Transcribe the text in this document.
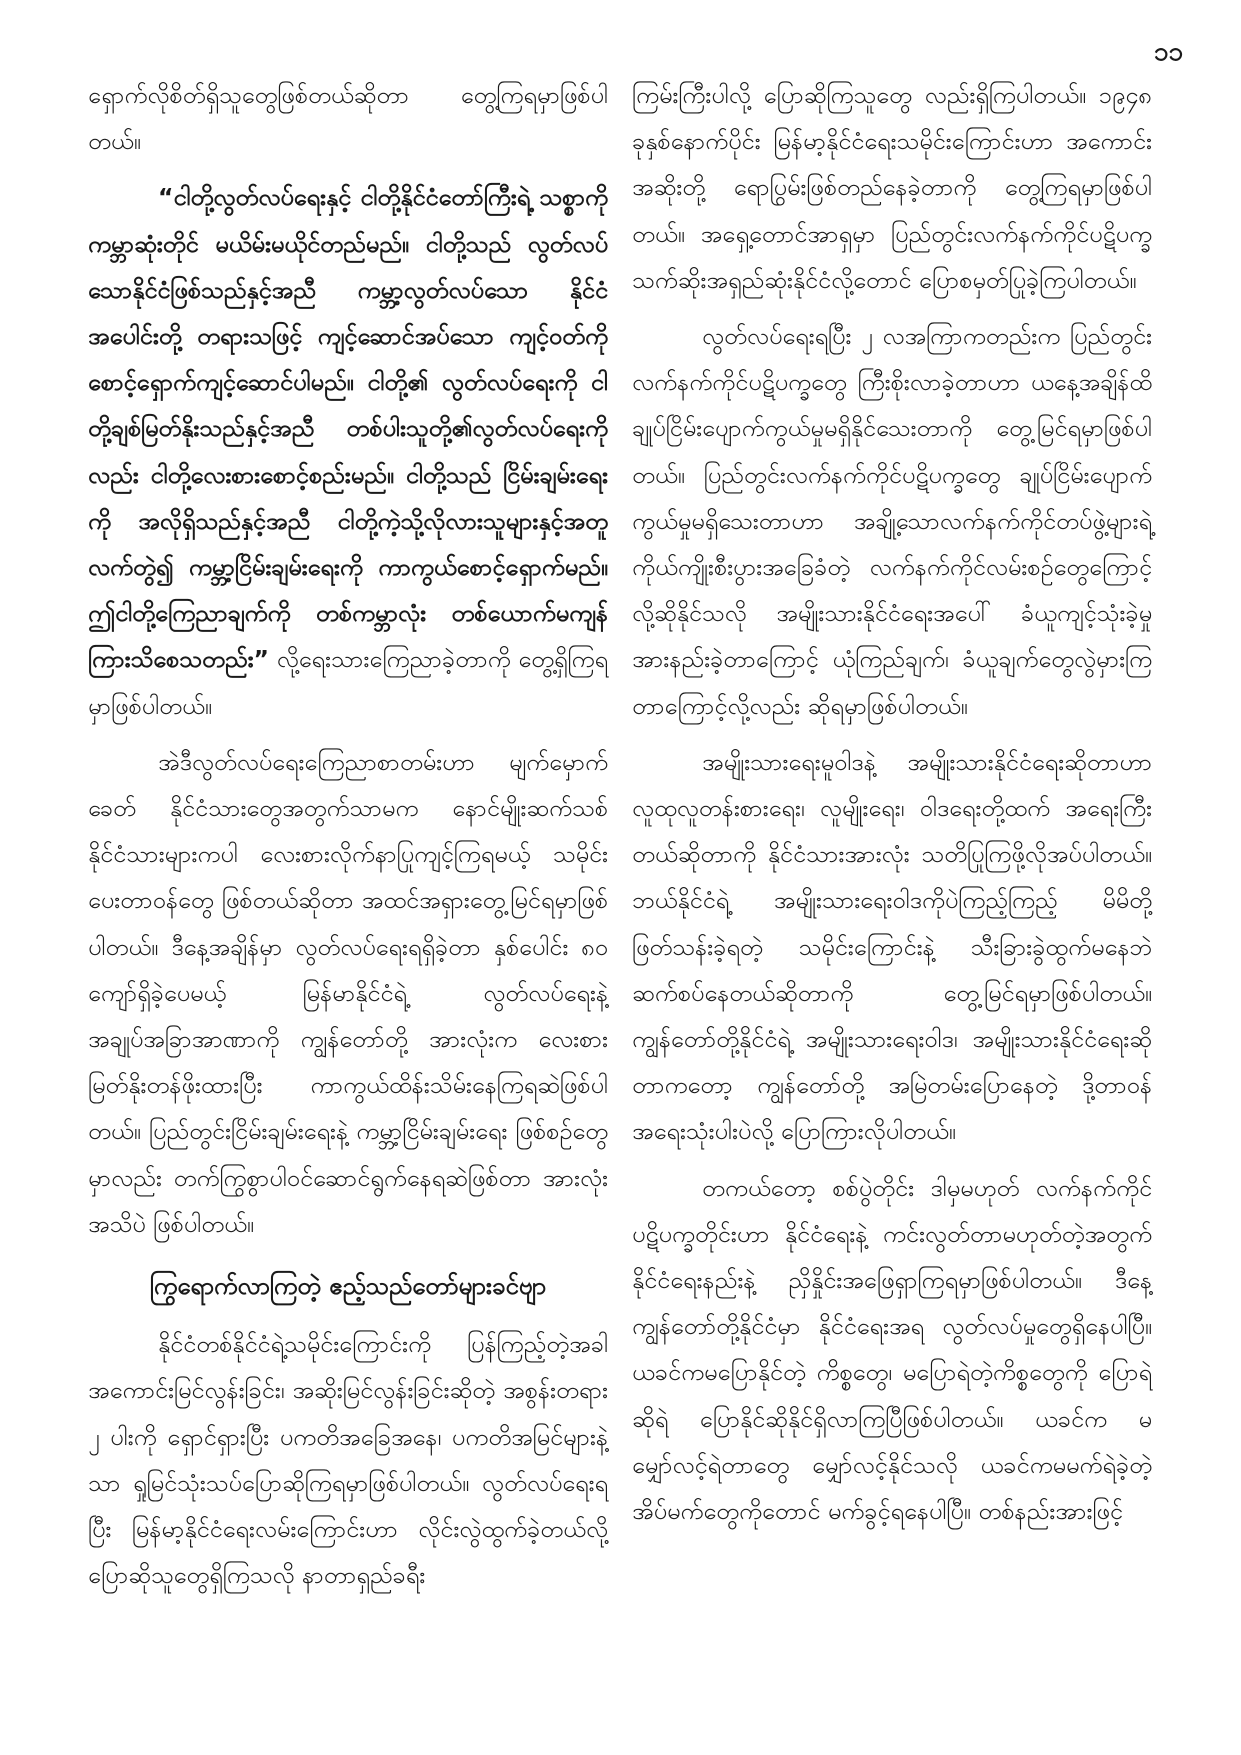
၁၁

ရှောက်လိုစိတ်ရှိသူတွေဖြစ်တယ်ဆိုတာ တွေ့ကြရမှာဖြစ်ပါတယ်။

“ငါတို့လွတ်လပ်ရေးနှင့် ငါတို့နိုင်ငံတော်ကြီးရဲ့ သစ္စာကို ကမ္ဘာဆုံးတိုင် မယိမ်းမယိုင်တည်မည်။ ငါတို့သည် လွတ်လပ်သောနိုင်ငံဖြစ်သည်နှင့်အညီ ကမ္ဘာ့လွတ်လပ်သော နိုင်ငံအပေါင်းတို့ တရားသဖြင့် ကျင့်ဆောင်အပ်သော ကျင့်ဝတ်ကို စောင့်ရှောက်ကျင့်ဆောင်ပါမည်။ ငါတို့၏ လွတ်လပ်ရေးကို ငါတို့ချစ်မြတ်နိုးသည်နှင့်အညီ တစ်ပါးသူတို့၏လွတ်လပ်ရေးကိုလည်း ငါတို့လေးစားစောင့်စည်းမည်။ ငါတို့သည် ငြိမ်းချမ်းရေးကို အလိုရှိသည်နှင့်အညီ ငါတို့ကဲ့သို့လိုလားသူများနှင့်အတူလက်တွဲ၍ ကမ္ဘာ့ငြိမ်းချမ်းရေးကို ကာကွယ်စောင့်ရှောက်မည်။ ဤငါတို့ကြေညာချက်ကို တစ်ကမ္ဘာလုံး တစ်ယောက်မကျန် ကြားသိစေသတည်း” လို့ရေးသားကြေညာခဲ့တာကို တွေ့ရှိကြရမှာဖြစ်ပါတယ်။

အဲဒီလွတ်လပ်ရေးကြေညာစာတမ်းဟာ မျက်မှောက်ခေတ် နိုင်ငံသားတွေအတွက်သာမက နောင်မျိုးဆက်သစ် နိုင်ငံသားများကပါ လေးစားလိုက်နာပြုကျင့်ကြရမယ့် သမိုင်းပေးတာဝန်တွေ ဖြစ်တယ်ဆိုတာ အထင်အရှားတွေ့မြင်ရမှာဖြစ်ပါတယ်။ ဒီနေ့အချိန်မှာ လွတ်လပ်ရေးရရှိခဲ့တာ နှစ်ပေါင်း ၈၀ ကျော်ရှိခဲ့ပေမယ့် မြန်မာနိုင်ငံရဲ့ လွတ်လပ်ရေးနဲ့အချုပ်အခြာအာဏာကို ကျွန်တော်တို့ အားလုံးက လေးစားမြတ်နိုးတန်ဖိုးထားပြီး ကာကွယ်ထိန်းသိမ်းနေကြရဆဲဖြစ်ပါတယ်။ ပြည်တွင်းငြိမ်းချမ်းရေးနဲ့ ကမ္ဘာ့ငြိမ်းချမ်းရေး ဖြစ်စဉ်တွေမှာလည်း တက်ကြွစွာပါဝင်ဆောင်ရွက်နေရဆဲဖြစ်တာ အားလုံးအသိပဲ ဖြစ်ပါတယ်။

ကြွရောက်လာကြတဲ့ ဧည့်သည်တော်များခင်ဗျာ

နိုင်ငံတစ်နိုင်ငံရဲ့သမိုင်းကြောင်းကို ပြန်ကြည့်တဲ့အခါ အကောင်းမြင်လွန်းခြင်း၊ အဆိုးမြင်လွန်းခြင်းဆိုတဲ့ အစွန်းတရား ၂ ပါးကို ရှောင်ရှားပြီး ပကတိအခြေအနေ၊ ပကတိအမြင်များနဲ့သာ ရှုမြင်သုံးသပ်ပြောဆိုကြရမှာဖြစ်ပါတယ်။ လွတ်လပ်ရေးရပြီး မြန်မာ့နိုင်ငံရေးလမ်းကြောင်းဟာ လိုင်းလွဲထွက်ခဲ့တယ်လို့ ပြောဆိုသူတွေရှိကြသလို နာတာရှည်ခရီး

ကြမ်းကြီးပါလို့ ပြောဆိုကြသူတွေ လည်းရှိကြပါတယ်။ ၁၉၄၈ ခုနှစ်နောက်ပိုင်း မြန်မာ့နိုင်ငံရေးသမိုင်းကြောင်းဟာ အကောင်းအဆိုးတို့ ရောပြွမ်းဖြစ်တည်နေခဲ့တာကို တွေ့ကြရမှာဖြစ်ပါတယ်။ အရှေ့တောင်အာရှမှာ ပြည်တွင်းလက်နက်ကိုင်ပဋိပက္ခ သက်ဆိုးအရှည်ဆုံးနိုင်ငံလို့တောင် ပြောစမှတ်ပြုခဲ့ကြပါတယ်။

လွတ်လပ်ရေးရပြီး ၂ လအကြာကတည်းက ပြည်တွင်းလက်နက်ကိုင်ပဋိပက္ခတွေ ကြီးစိုးလာခဲ့တာဟာ ယနေ့အချိန်ထိ ချုပ်ငြိမ်းပျောက်ကွယ်မှုမရှိနိုင်သေးတာကို တွေ့မြင်ရမှာဖြစ်ပါတယ်။ ပြည်တွင်းလက်နက်ကိုင်ပဋိပက္ခတွေ ချုပ်ငြိမ်းပျောက်ကွယ်မှုမရှိသေးတာဟာ အချို့သောလက်နက်ကိုင်တပ်ဖွဲ့များရဲ့ ကိုယ်ကျိုးစီးပွားအခြေခံတဲ့ လက်နက်ကိုင်လမ်းစဉ်တွေကြောင့်လို့ဆိုနိုင်သလို အမျိုးသားနိုင်ငံရေးအပေါ် ခံယူကျင့်သုံးခဲ့မှုအားနည်းခဲ့တာကြောင့် ယုံကြည်ချက်၊ ခံယူချက်တွေလွဲမှားကြတာကြောင့်လို့လည်း ဆိုရမှာဖြစ်ပါတယ်။

အမျိုးသားရေးမူဝါဒနဲ့ အမျိုးသားနိုင်ငံရေးဆိုတာဟာ လူထုလူတန်းစားရေး၊ လူမျိုးရေး၊ ဝါဒရေးတို့ထက် အရေးကြီးတယ်ဆိုတာကို နိုင်ငံသားအားလုံး သတိပြုကြဖို့လိုအပ်ပါတယ်။ ဘယ်နိုင်ငံရဲ့ အမျိုးသားရေးဝါဒကိုပဲကြည့်ကြည့် မိမိတို့ဖြတ်သန်းခဲ့ရတဲ့ သမိုင်းကြောင်းနဲ့ သီးခြားခွဲထွက်မနေဘဲ ဆက်စပ်နေတယ်ဆိုတာကို တွေ့မြင်ရမှာဖြစ်ပါတယ်။ ကျွန်တော်တို့နိုင်ငံရဲ့ အမျိုးသားရေးဝါဒ၊ အမျိုးသားနိုင်ငံရေးဆိုတာကတော့ ကျွန်တော်တို့ အမြဲတမ်းပြောနေတဲ့ ဒို့တာဝန် အရေးသုံးပါးပဲလို့ ပြောကြားလိုပါတယ်။

တကယ်တော့ စစ်ပွဲတိုင်း ဒါမှမဟုတ် လက်နက်ကိုင်ပဋိပက္ခတိုင်းဟာ နိုင်ငံရေးနဲ့ ကင်းလွတ်တာမဟုတ်တဲ့အတွက် နိုင်ငံရေးနည်းနဲ့ ညှိနှိုင်းအဖြေရှာကြရမှာဖြစ်ပါတယ်။ ဒီနေ့ ကျွန်တော်တို့နိုင်ငံမှာ နိုင်ငံရေးအရ လွတ်လပ်မှုတွေရှိနေပါပြီ။ ယခင်ကမပြောနိုင်တဲ့ ကိစ္စတွေ၊ မပြောရဲတဲ့ကိစ္စတွေကို ပြောရဲဆိုရဲ ပြောနိုင်ဆိုနိုင်ရှိလာကြပြီဖြစ်ပါတယ်။ ယခင်က မမျှော်လင့်ရဲတာတွေ မျှော်လင့်နိုင်သလို ယခင်ကမမက်ရဲခဲ့တဲ့ အိပ်မက်တွေကိုတောင် မက်ခွင့်ရနေပါပြီ။ တစ်နည်းအားဖြင့်
